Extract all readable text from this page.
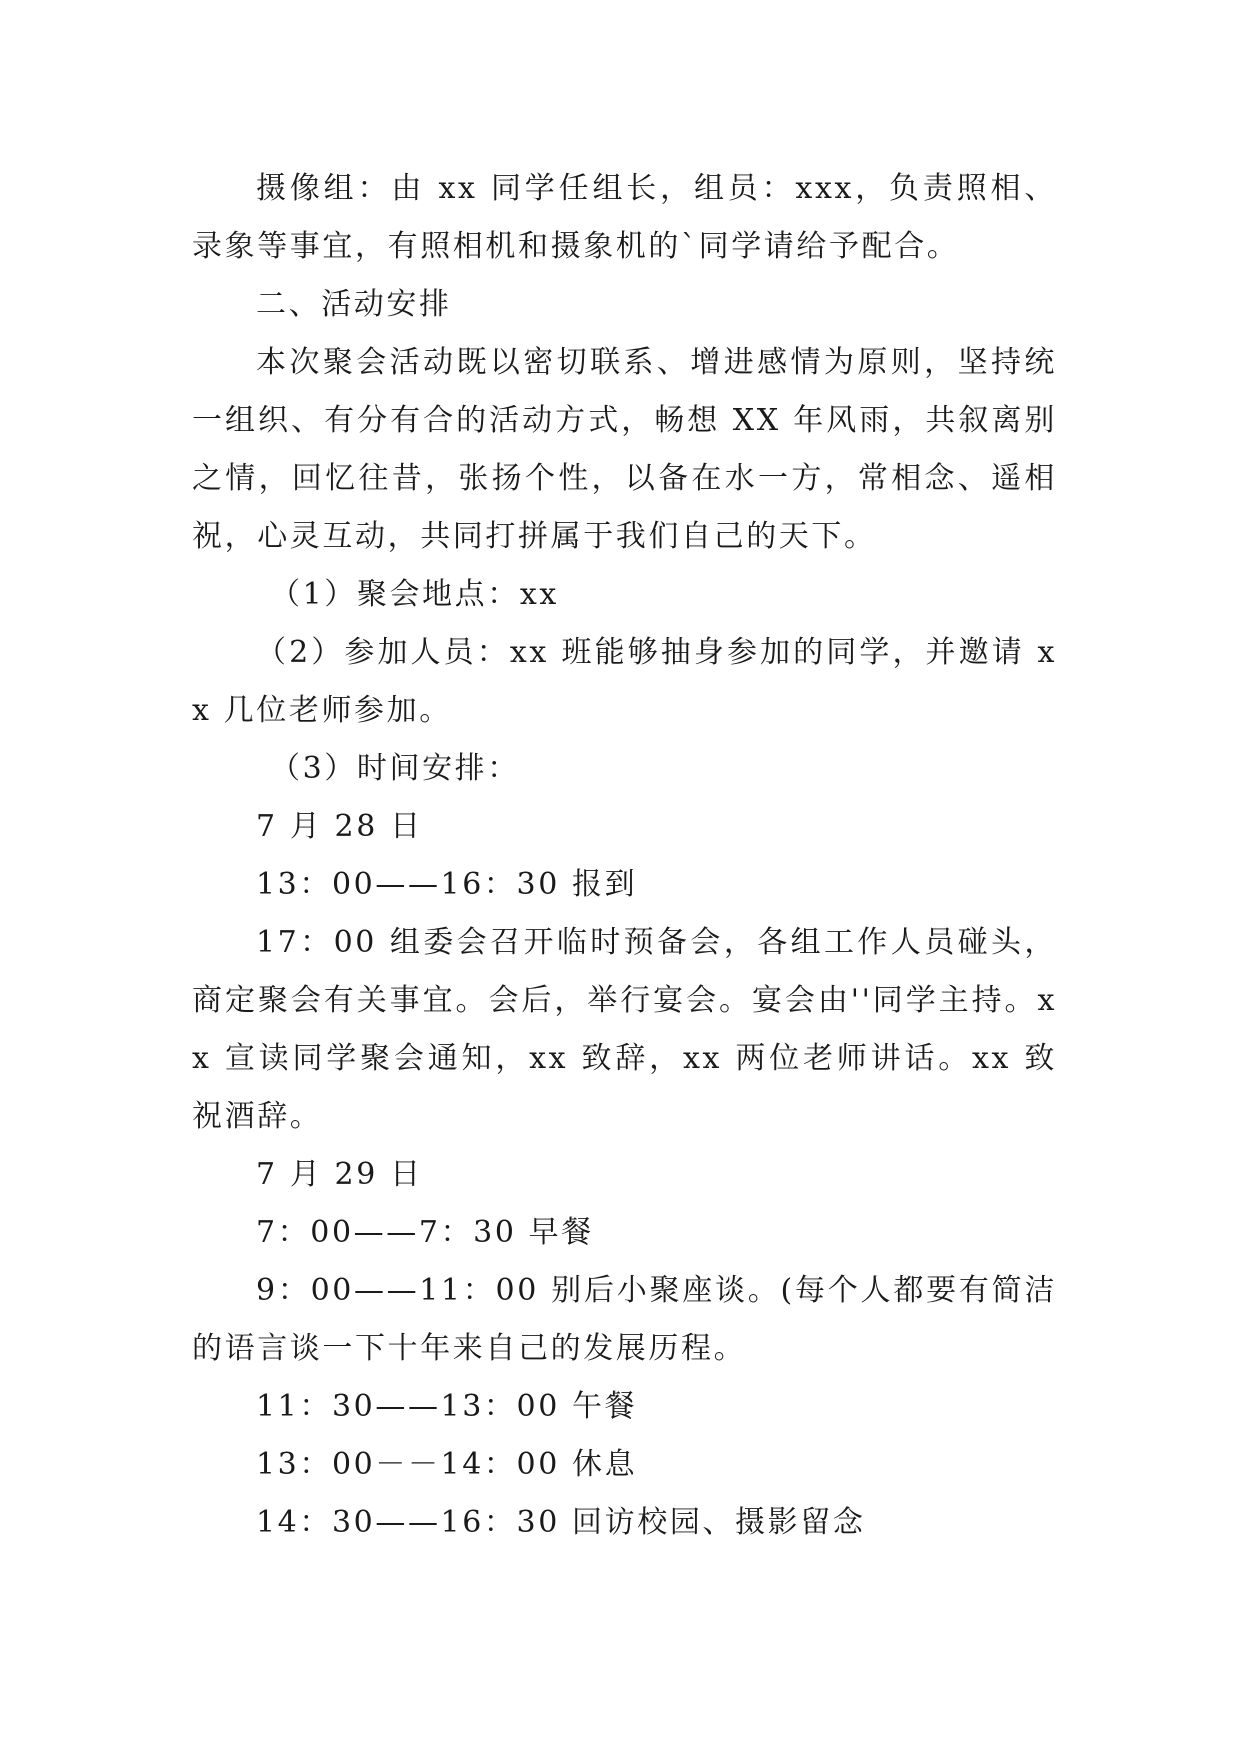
摄像组：由 xx 同学任组长，组员：xxx，负责照相、录象等事宜，有照相机和摄象机的`同学请给予配合。

二、活动安排

本次聚会活动既以密切联系、增进感情为原则，坚持统一组织、有分有合的活动方式，畅想 XX 年风雨，共叙离别之情，回忆往昔，张扬个性，以备在水一方，常相念、遥相祝，心灵互动，共同打拼属于我们自己的天下。

（1）聚会地点：xx

（2）参加人员：xx 班能够抽身参加的同学，并邀请 xx 几位老师参加。

（3）时间安排：

7 月 28 日

13：00——16：30 报到

17：00 组委会召开临时预备会，各组工作人员碰头，商定聚会有关事宜。会后，举行宴会。宴会由''同学主持。xx 宣读同学聚会通知，xx 致辞，xx 两位老师讲话。xx 致祝酒辞。

7 月 29 日

7：00——7：30 早餐

9：00——11：00 别后小聚座谈。(每个人都要有简洁的语言谈一下十年来自己的发展历程。

11：30——13：00 午餐

13：00－－14：00 休息

14：30——16：30 回访校园、摄影留念
